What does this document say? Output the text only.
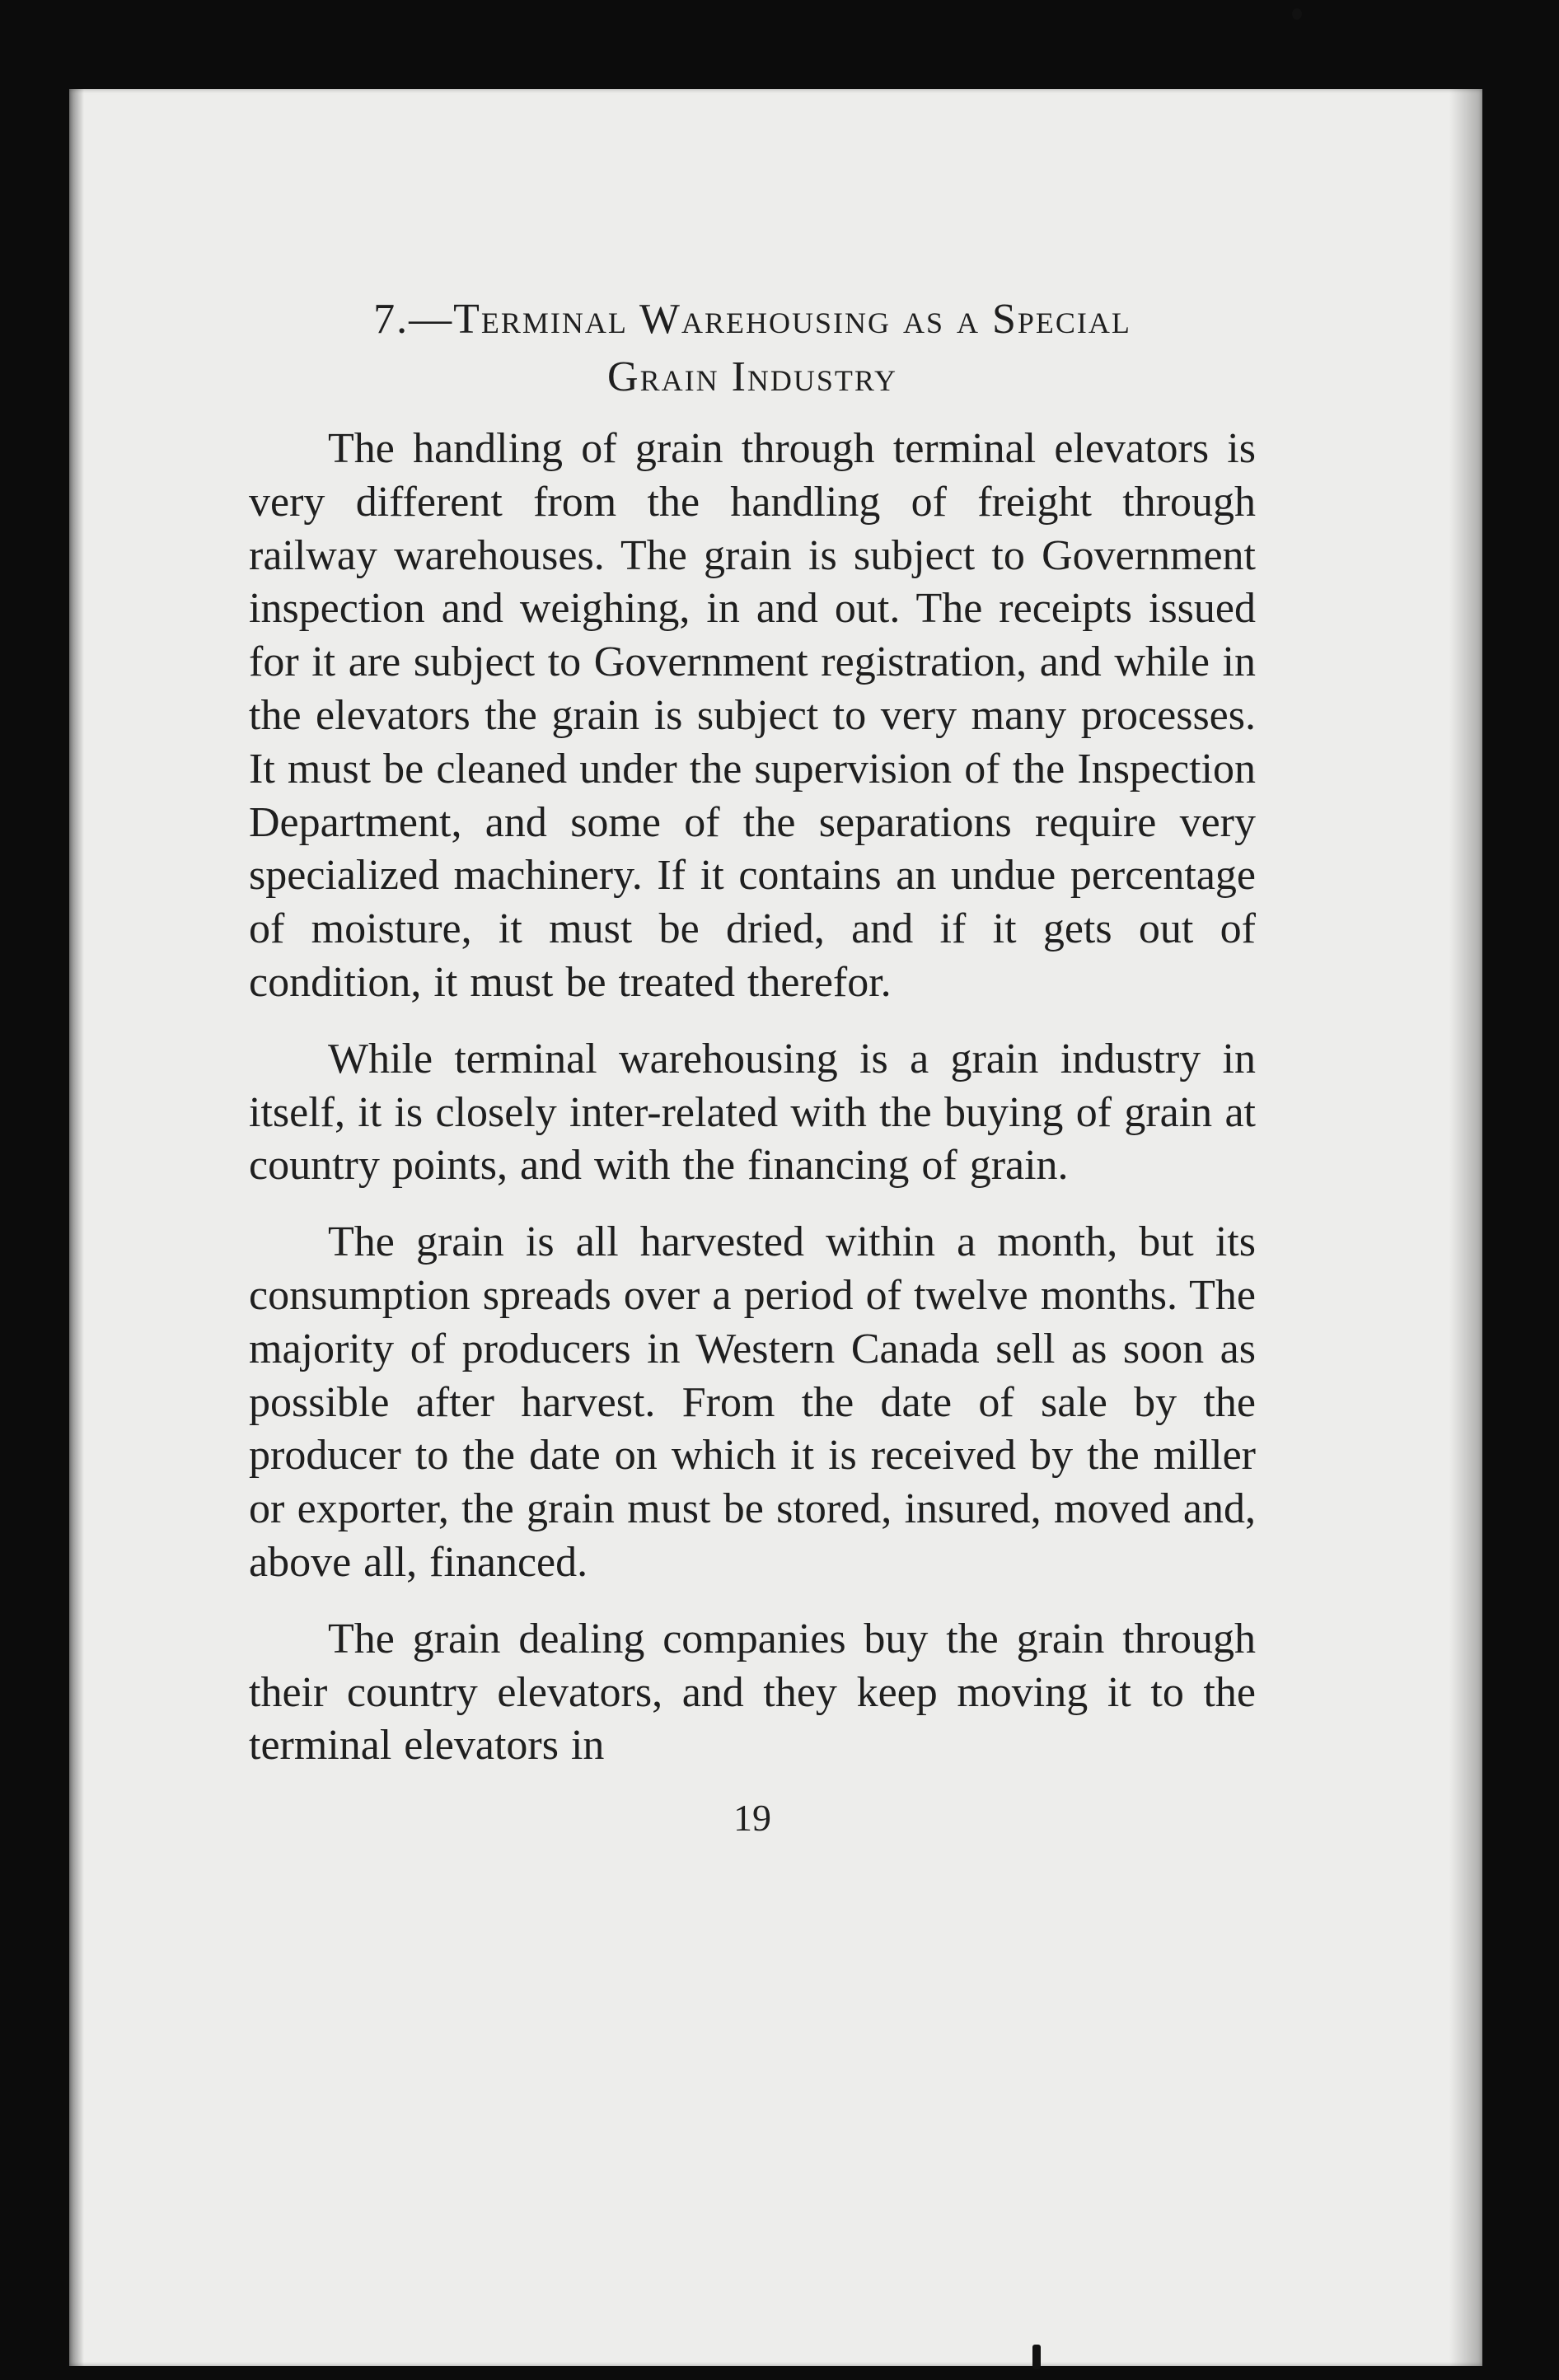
7.—Terminal Warehousing as a Special
Grain Industry

The handling of grain through terminal elevators is very different from the handling of freight through railway warehouses. The grain is subject to Government inspection and weighing, in and out. The receipts issued for it are subject to Government registration, and while in the elevators the grain is subject to very many processes. It must be cleaned under the supervision of the Inspection Department, and some of the separations require very specialized machinery. If it contains an undue percentage of moisture, it must be dried, and if it gets out of condition, it must be treated therefor.

While terminal warehousing is a grain industry in itself, it is closely inter-related with the buying of grain at country points, and with the financing of grain.

The grain is all harvested within a month, but its consumption spreads over a period of twelve months. The majority of producers in Western Canada sell as soon as possible after harvest. From the date of sale by the producer to the date on which it is received by the miller or exporter, the grain must be stored, insured, moved and, above all, financed.

The grain dealing companies buy the grain through their country elevators, and they keep moving it to the terminal elevators in

19
